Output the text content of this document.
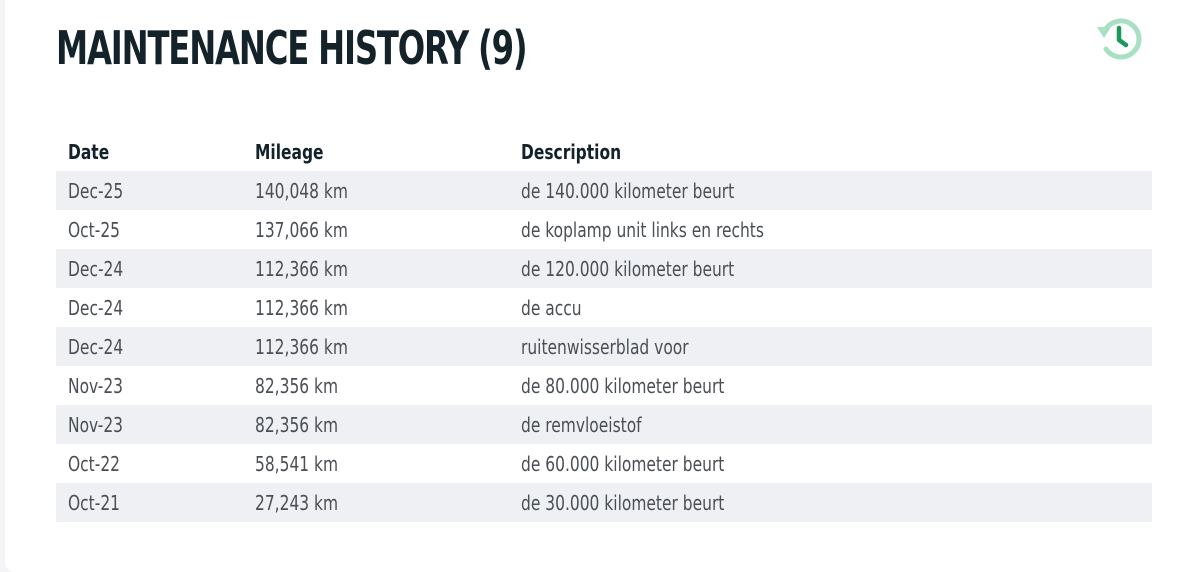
MAINTENANCE HISTORY (9)
Date	Mileage	Description
Dec-25	140,048 km	de 140.000 kilometer beurt
Oct-25	137,066 km	de koplamp unit links en rechts
Dec-24	112,366 km	de 120.000 kilometer beurt
Dec-24	112,366 km	de accu
Dec-24	112,366 km	ruitenwisserblad voor
Nov-23	82,356 km	de 80.000 kilometer beurt
Nov-23	82,356 km	de remvloeistof
Oct-22	58,541 km	de 60.000 kilometer beurt
Oct-21	27,243 km	de 30.000 kilometer beurt
